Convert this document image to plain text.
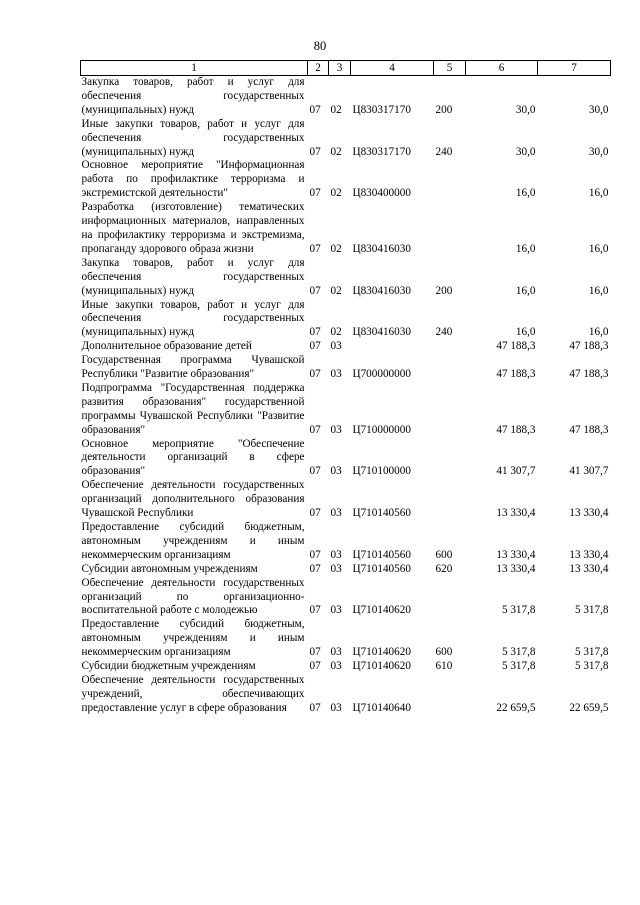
80
1	2	3	4	5	6	7
Закупка товаров, работ и услуг для обеспечения государственных (муниципальных) нужд	07	02	Ц830317170	200	30,0	30,0
Иные закупки товаров, работ и услуг для обеспечения государственных (муниципальных) нужд	07	02	Ц830317170	240	30,0	30,0
Основное мероприятие "Информационная работа по профилактике терроризма и экстремистской деятельности"	07	02	Ц830400000		16,0	16,0
Разработка (изготовление) тематических информационных материалов, направленных на профилактику терроризма и экстремизма, пропаганду здорового образа жизни	07	02	Ц830416030		16,0	16,0
Закупка товаров, работ и услуг для обеспечения государственных (муниципальных) нужд	07	02	Ц830416030	200	16,0	16,0
Иные закупки товаров, работ и услуг для обеспечения государственных (муниципальных) нужд	07	02	Ц830416030	240	16,0	16,0
Дополнительное образование детей	07	03			47 188,3	47 188,3
Государственная программа Чувашской Республики "Развитие образования"	07	03	Ц700000000		47 188,3	47 188,3
Подпрограмма "Государственная поддержка развития образования" государственной программы Чувашской Республики "Развитие образования"	07	03	Ц710000000		47 188,3	47 188,3
Основное мероприятие "Обеспечение деятельности организаций в сфере образования"	07	03	Ц710100000		41 307,7	41 307,7
Обеспечение деятельности государственных организаций дополнительного образования Чувашской Республики	07	03	Ц710140560		13 330,4	13 330,4
Предоставление субсидий бюджетным, автономным учреждениям и иным некоммерческим организациям	07	03	Ц710140560	600	13 330,4	13 330,4
Субсидии автономным учреждениям	07	03	Ц710140560	620	13 330,4	13 330,4
Обеспечение деятельности государственных организаций по организационно-воспитательной работе с молодежью	07	03	Ц710140620		5 317,8	5 317,8
Предоставление субсидий бюджетным, автономным учреждениям и иным некоммерческим организациям	07	03	Ц710140620	600	5 317,8	5 317,8
Субсидии бюджетным учреждениям	07	03	Ц710140620	610	5 317,8	5 317,8
Обеспечение деятельности государственных учреждений, обеспечивающих предоставление услуг в сфере образования	07	03	Ц710140640		22 659,5	22 659,5
